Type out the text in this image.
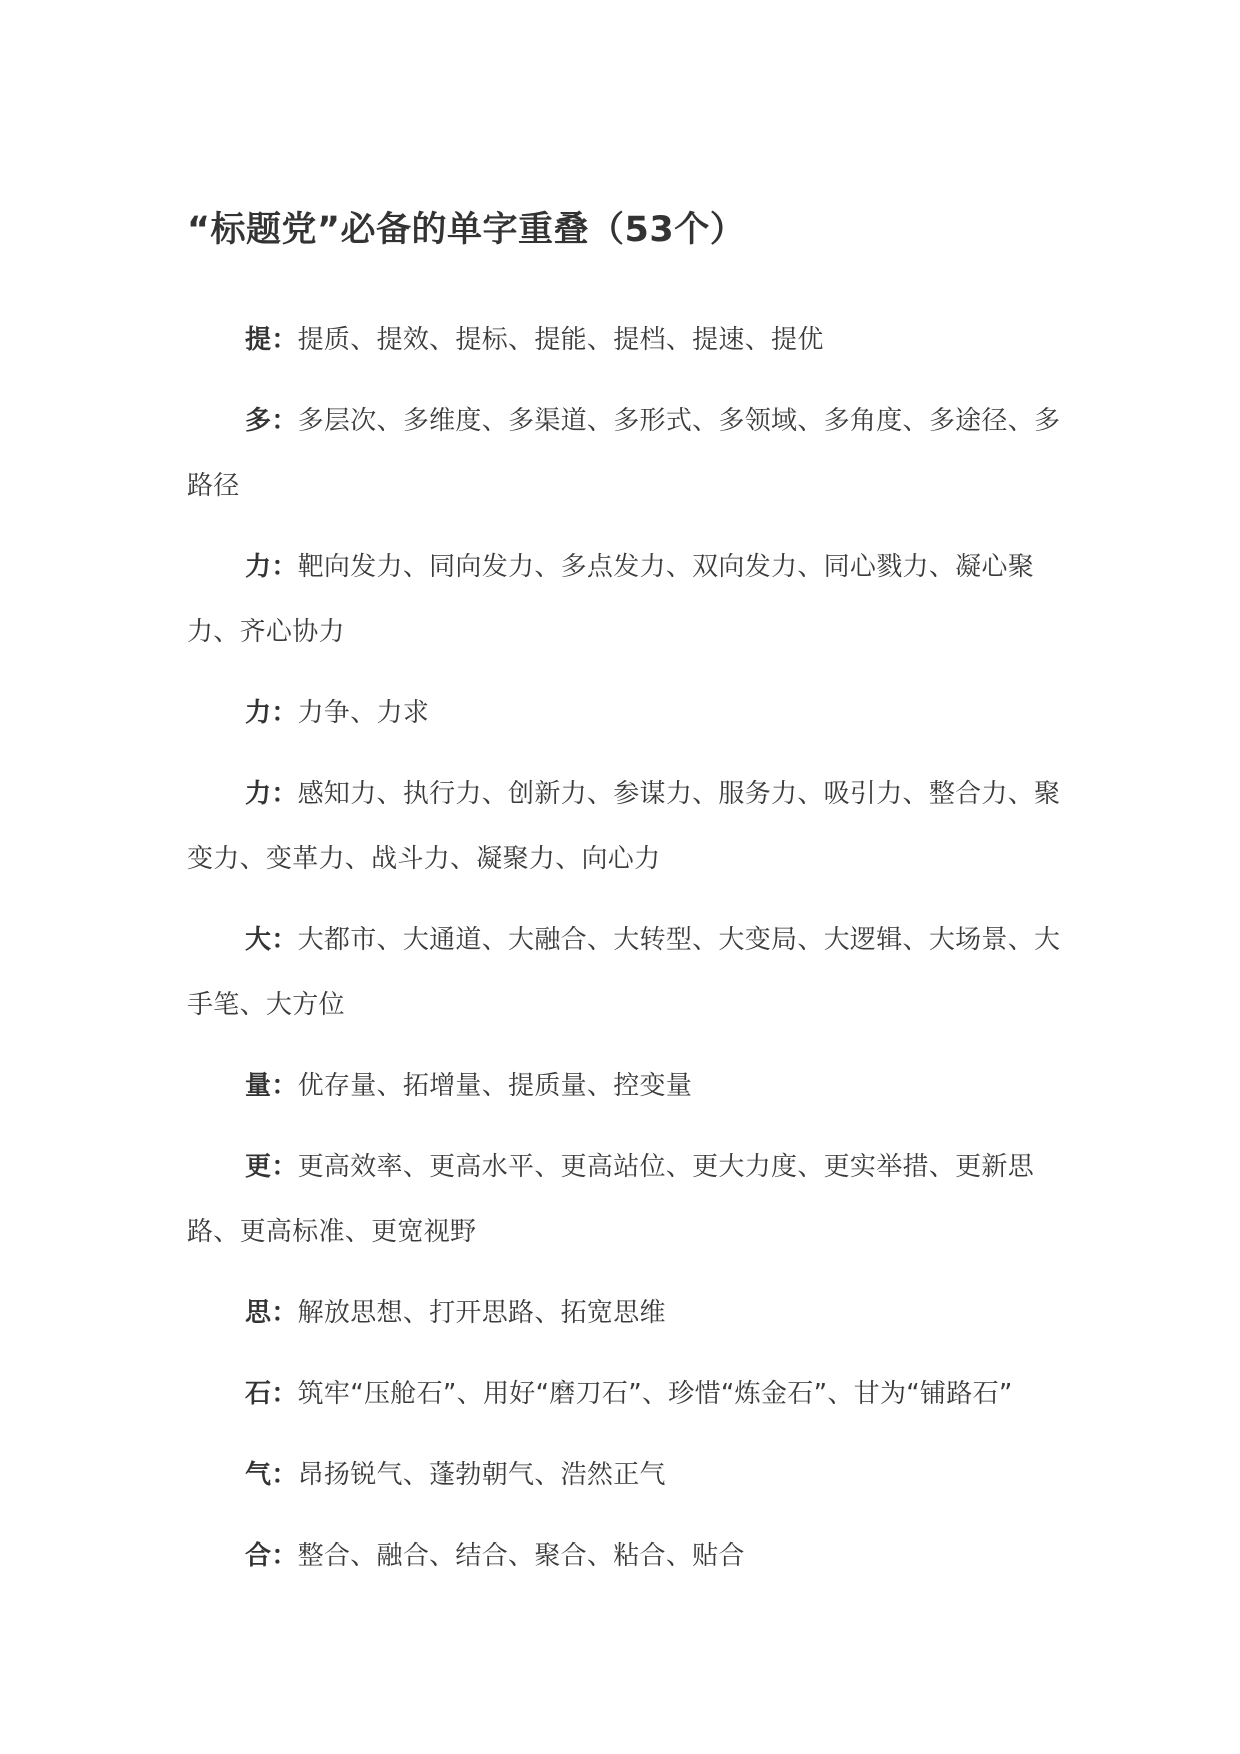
“标题党”必备的单字重叠（53个）

提：提质、提效、提标、提能、提档、提速、提优

多：多层次、多维度、多渠道、多形式、多领域、多角度、多途径、多路径

力：靶向发力、同向发力、多点发力、双向发力、同心戮力、凝心聚力、齐心协力

力：力争、力求

力：感知力、执行力、创新力、参谋力、服务力、吸引力、整合力、聚变力、变革力、战斗力、凝聚力、向心力

大：大都市、大通道、大融合、大转型、大变局、大逻辑、大场景、大手笔、大方位

量：优存量、拓增量、提质量、控变量

更：更高效率、更高水平、更高站位、更大力度、更实举措、更新思路、更高标准、更宽视野

思：解放思想、打开思路、拓宽思维

石：筑牢“压舱石”、用好“磨刀石”、珍惜“炼金石”、甘为“铺路石”

气：昂扬锐气、蓬勃朝气、浩然正气

合：整合、融合、结合、聚合、粘合、贴合
